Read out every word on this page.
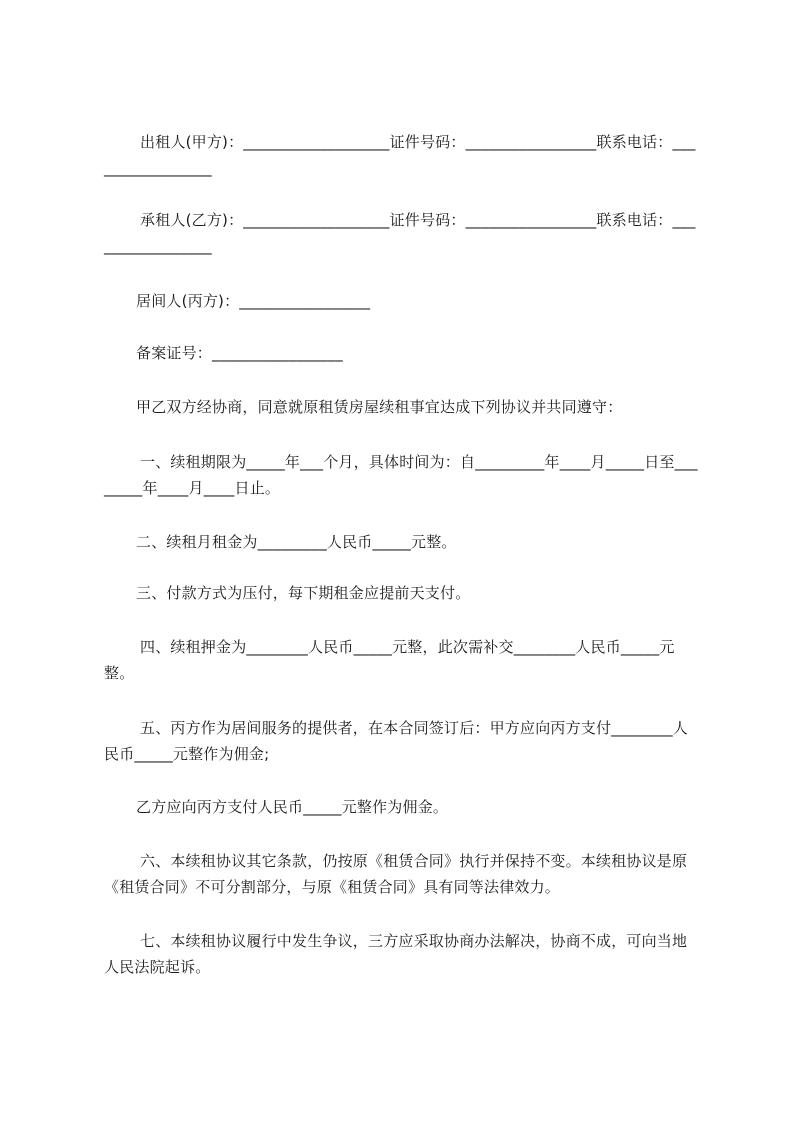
出租人(甲方)：___________________证件号码：_________________联系电话：_________________

承租人(乙方)：___________________证件号码：_________________联系电话：_________________

居间人(丙方)：_________________

备案证号：_________________

甲乙双方经协商，同意就原租赁房屋续租事宜达成下列协议并共同遵守：

一、续租期限为_____年___个月，具体时间为：自_________年____月_____日至________年____月____日止。

二、续租月租金为_________人民币_____元整。

三、付款方式为压付，每下期租金应提前天支付。

四、续租押金为________人民币_____元整，此次需补交________人民币_____元整。

五、丙方作为居间服务的提供者，在本合同签订后：甲方应向丙方支付________人民币_____元整作为佣金;

乙方应向丙方支付人民币_____元整作为佣金。

六、本续租协议其它条款，仍按原《租赁合同》执行并保持不变。本续租协议是原《租赁合同》不可分割部分，与原《租赁合同》具有同等法律效力。

七、本续租协议履行中发生争议，三方应采取协商办法解决，协商不成，可向当地人民法院起诉。
